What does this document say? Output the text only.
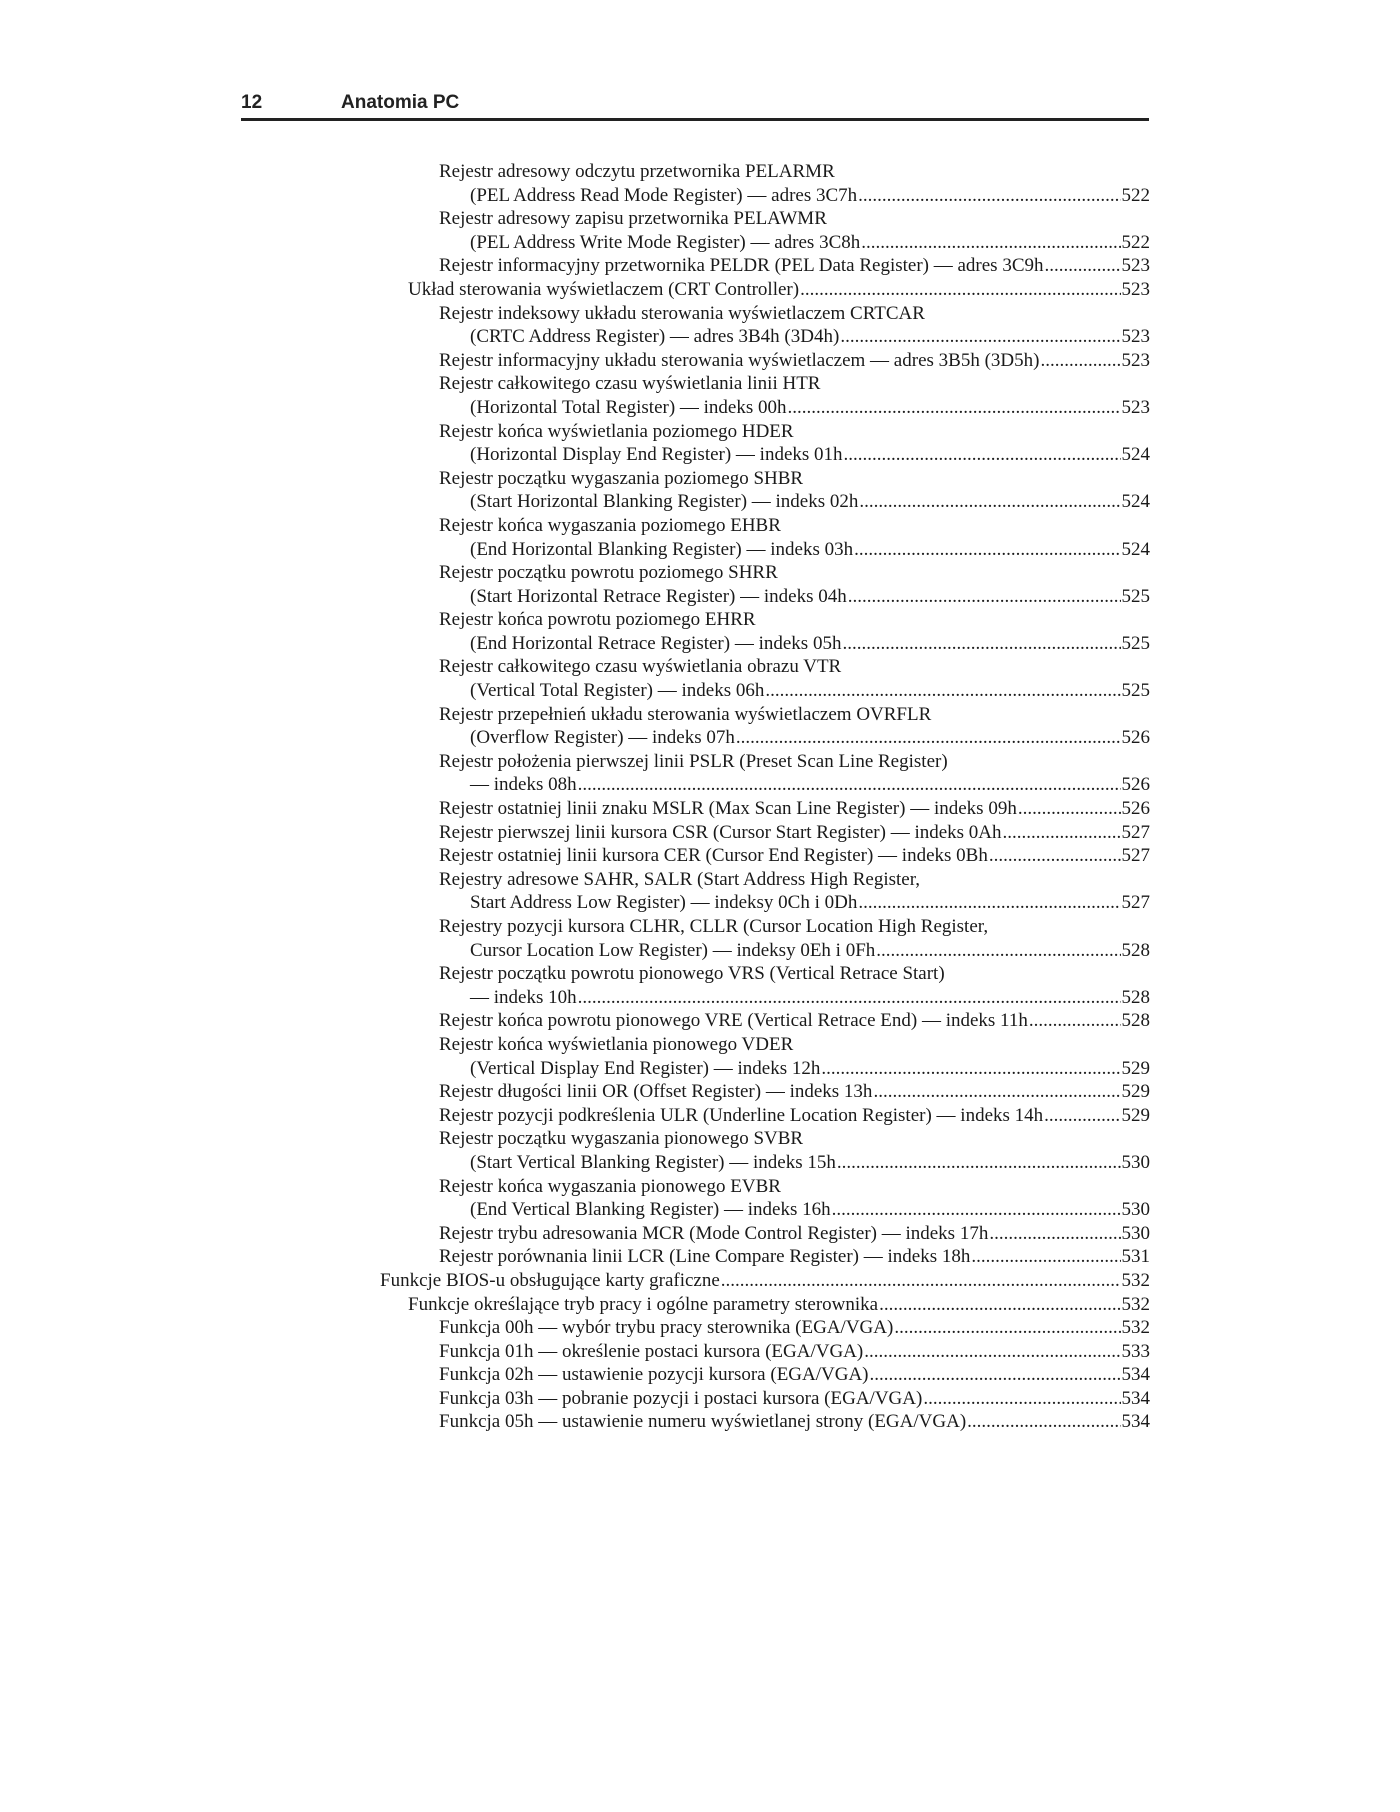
12	Anatomia PC
Rejestr adresowy odczytu przetwornika PELARMR
(PEL Address Read Mode Register) — adres 3C7h .....	522
Rejestr adresowy zapisu przetwornika PELAWMR
(PEL Address Write Mode Register) — adres 3C8h .....	522
Rejestr informacyjny przetwornika PELDR (PEL Data Register) — adres 3C9h .....	523
Układ sterowania wyświetlaczem (CRT Controller) .....	523
Rejestr indeksowy układu sterowania wyświetlaczem CRTCAR
(CRTC Address Register) — adres 3B4h (3D4h) .....	523
Rejestr informacyjny układu sterowania wyświetlaczem — adres 3B5h (3D5h) .....	523
Rejestr całkowitego czasu wyświetlania linii HTR
(Horizontal Total Register) — indeks 00h .....	523
Rejestr końca wyświetlania poziomego HDER
(Horizontal Display End Register) — indeks 01h .....	524
Rejestr początku wygaszania poziomego SHBR
(Start Horizontal Blanking Register) — indeks 02h .....	524
Rejestr końca wygaszania poziomego EHBR
(End Horizontal Blanking Register) — indeks 03h .....	524
Rejestr początku powrotu poziomego SHRR
(Start Horizontal Retrace Register) — indeks 04h .....	525
Rejestr końca powrotu poziomego EHRR
(End Horizontal Retrace Register) — indeks 05h .....	525
Rejestr całkowitego czasu wyświetlania obrazu VTR
(Vertical Total Register) — indeks 06h .....	525
Rejestr przepełnień układu sterowania wyświetlaczem OVRFLR
(Overflow Register) — indeks 07h .....	526
Rejestr położenia pierwszej linii PSLR (Preset Scan Line Register)
— indeks 08h .....	526
Rejestr ostatniej linii znaku MSLR (Max Scan Line Register) — indeks 09h .....	526
Rejestr pierwszej linii kursora CSR (Cursor Start Register) — indeks 0Ah .....	527
Rejestr ostatniej linii kursora CER (Cursor End Register) — indeks 0Bh .....	527
Rejestry adresowe SAHR, SALR (Start Address High Register,
Start Address Low Register) — indeksy 0Ch i 0Dh .....	527
Rejestry pozycji kursora CLHR, CLLR (Cursor Location High Register,
Cursor Location Low Register) — indeksy 0Eh i 0Fh .....	528
Rejestr początku powrotu pionowego VRS (Vertical Retrace Start)
— indeks 10h .....	528
Rejestr końca powrotu pionowego VRE (Vertical Retrace End) — indeks 11h .....	528
Rejestr końca wyświetlania pionowego VDER
(Vertical Display End Register) — indeks 12h .....	529
Rejestr długości linii OR (Offset Register) — indeks 13h .....	529
Rejestr pozycji podkreślenia ULR (Underline Location Register) — indeks 14h .....	529
Rejestr początku wygaszania pionowego SVBR
(Start Vertical Blanking Register) — indeks 15h .....	530
Rejestr końca wygaszania pionowego EVBR
(End Vertical Blanking Register) — indeks 16h .....	530
Rejestr trybu adresowania MCR (Mode Control Register) — indeks 17h .....	530
Rejestr porównania linii LCR (Line Compare Register) — indeks 18h .....	531
Funkcje BIOS-u obsługujące karty graficzne .....	532
Funkcje określające tryb pracy i ogólne parametry sterownika .....	532
Funkcja 00h — wybór trybu pracy sterownika (EGA/VGA) .....	532
Funkcja 01h — określenie postaci kursora (EGA/VGA) .....	533
Funkcja 02h — ustawienie pozycji kursora (EGA/VGA) .....	534
Funkcja 03h — pobranie pozycji i postaci kursora (EGA/VGA) .....	534
Funkcja 05h — ustawienie numeru wyświetlanej strony (EGA/VGA) .....	534
